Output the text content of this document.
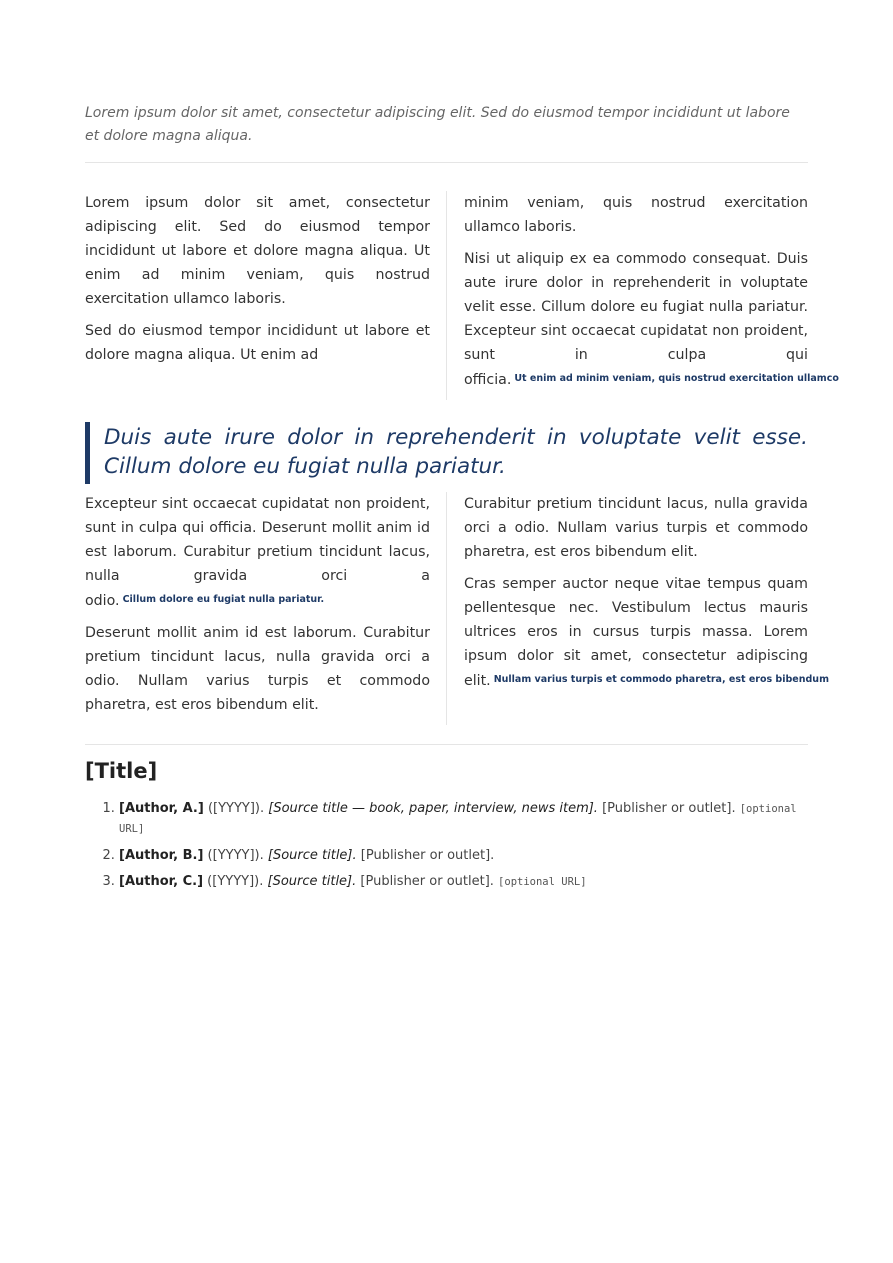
Lorem ipsum dolor sit amet, consectetur adipiscing elit. Sed do eiusmod tempor incididunt ut labore et dolore magna aliqua.

Lorem ipsum dolor sit amet, consectetur adipiscing elit. Sed do eiusmod tempor incididunt ut labore et dolore magna aliqua. Ut enim ad minim veniam, quis nostrud exercitation ullamco laboris.

Sed do eiusmod tempor incididunt ut labore et dolore magna aliqua. Ut enim ad

minim veniam, quis nostrud exercitation ullamco laboris.

Nisi ut aliquip ex ea commodo consequat. Duis aute irure dolor in reprehenderit in voluptate velit esse. Cillum dolore eu fugiat nulla pariatur. Excepteur sint occaecat cupidatat non proident, sunt in culpa qui officia. $^{Ut enim ad minim veniam, quis nostrud exercitation ullamco}$

Duis aute irure dolor in reprehenderit in voluptate velit esse. Cillum dolore eu fugiat nulla pariatur.

Excepteur sint occaecat cupidatat non proident, sunt in culpa qui officia. Deserunt mollit anim id est laborum. Curabitur pretium tincidunt lacus, nulla gravida orci a odio. $^{Cillum dolore eu fugiat nulla pariatur.}$

Deserunt mollit anim id est laborum. Curabitur pretium tincidunt lacus, nulla gravida orci a odio. Nullam varius turpis et commodo pharetra, est eros bibendum elit.

Curabitur pretium tincidunt lacus, nulla gravida orci a odio. Nullam varius turpis et commodo pharetra, est eros bibendum elit.

Cras semper auctor neque vitae tempus quam pellentesque nec. Vestibulum lectus mauris ultrices eros in cursus turpis massa. Lorem ipsum dolor sit amet, consectetur adipiscing elit. $^{Nullam varius turpis et commodo pharetra, est eros bibendum}$

[Title]
1. [Author, A.] ([YYYY]). [Source title — book, paper, interview, news item]. [Publisher or outlet]. [optional URL]
2. [Author, B.] ([YYYY]). [Source title]. [Publisher or outlet].
3. [Author, C.] ([YYYY]). [Source title]. [Publisher or outlet]. [optional URL]
